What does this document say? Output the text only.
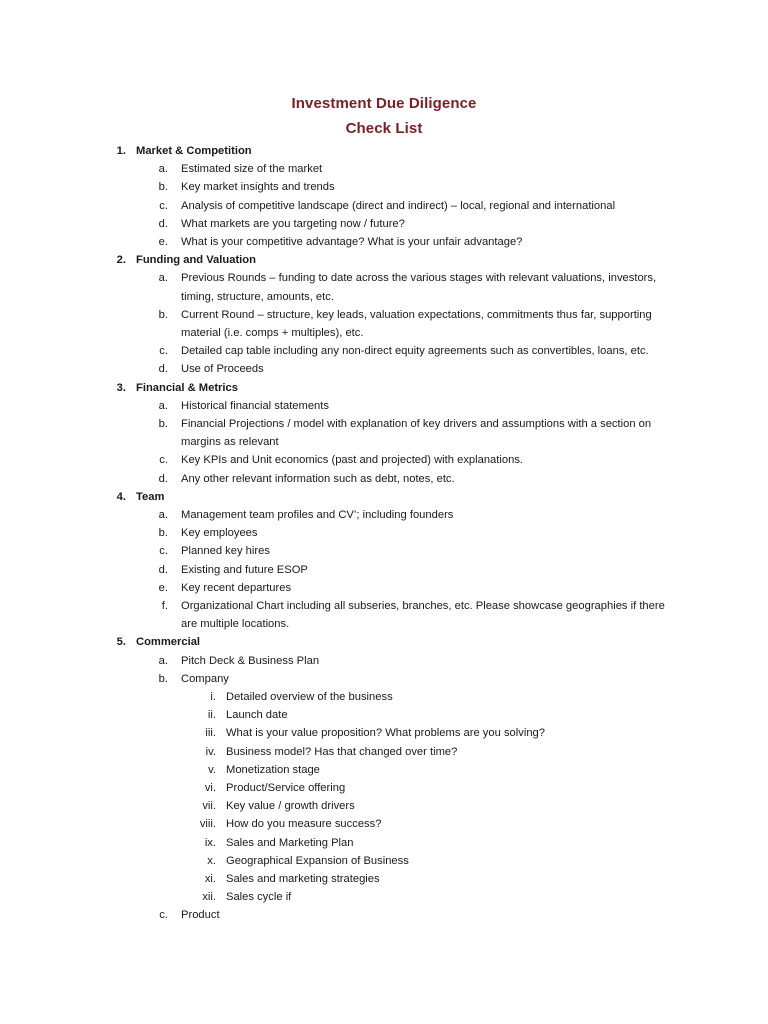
Investment Due Diligence
Check List
1. Market & Competition
a. Estimated size of the market
b. Key market insights and trends
c. Analysis of competitive landscape (direct and indirect) – local, regional and international
d. What markets are you targeting now / future?
e. What is your competitive advantage? What is your unfair advantage?
2. Funding and Valuation
a. Previous Rounds – funding to date across the various stages with relevant valuations, investors,
timing, structure, amounts, etc.
b. Current Round – structure, key leads, valuation expectations, commitments thus far, supporting
material (i.e. comps + multiples), etc.
c. Detailed cap table including any non-direct equity agreements such as convertibles, loans, etc.
d. Use of Proceeds
3. Financial & Metrics
a. Historical financial statements
b. Financial Projections / model with explanation of key drivers and assumptions with a section on
margins as relevant
c. Key KPIs and Unit economics (past and projected) with explanations.
d. Any other relevant information such as debt, notes, etc.
4. Team
a. Management team profiles and CV’; including founders
b. Key employees
c. Planned key hires
d. Existing and future ESOP
e. Key recent departures
f. Organizational Chart including all subseries, branches, etc. Please showcase geographies if there
are multiple locations.
5. Commercial
a. Pitch Deck & Business Plan
b. Company
i. Detailed overview of the business
ii. Launch date
iii. What is your value proposition? What problems are you solving?
iv. Business model? Has that changed over time?
v. Monetization stage
vi. Product/Service offering
vii. Key value / growth drivers
viii. How do you measure success?
ix. Sales and Marketing Plan
x. Geographical Expansion of Business
xi. Sales and marketing strategies
xii. Sales cycle if
c. Product
